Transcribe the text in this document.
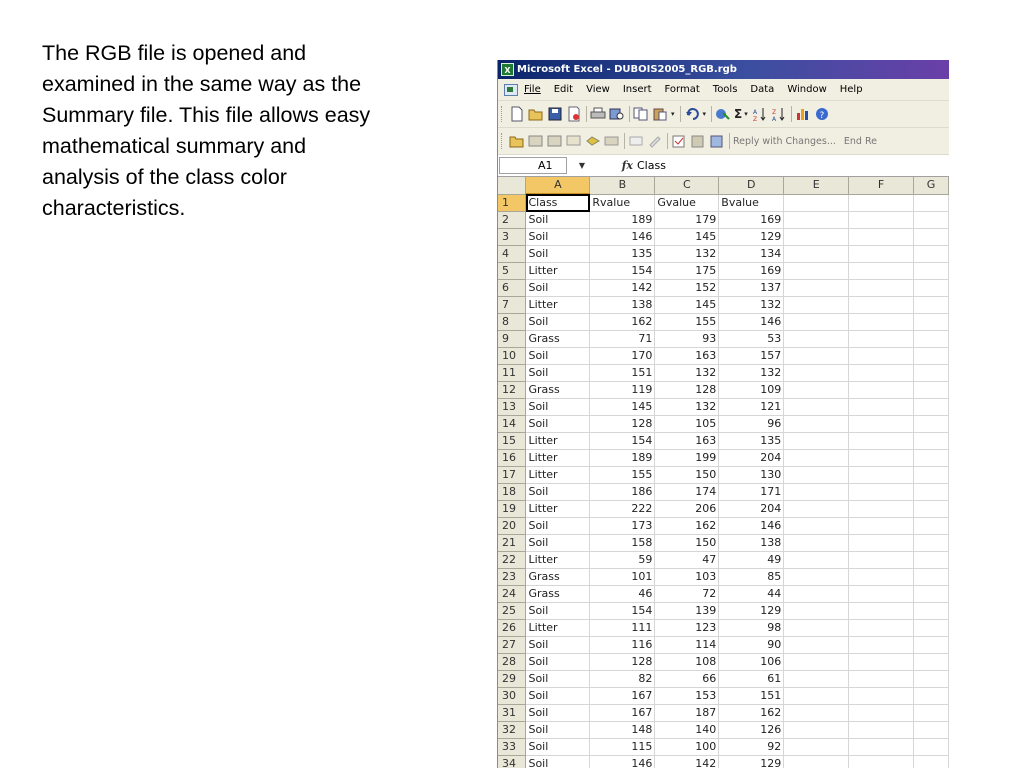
The RGB file is opened and
examined in the same way as the
Summary file. This file allows easy
mathematical summary and
analysis of the class color
characteristics.
X Microsoft Excel - DUBOIS2005_RGB.rgb
File Edit View Insert Format Tools Data Window Help
▾	▾ Σ ▾ A
Z
Z
A	?
Reply with Changes... End Re
A1	▼	fx Class
	A	B	C	D	E	F	G
1	Class	Rvalue	Gvalue	Bvalue			
2	Soil	189	179	169			
3	Soil	146	145	129			
4	Soil	135	132	134			
5	Litter	154	175	169			
6	Soil	142	152	137			
7	Litter	138	145	132			
8	Soil	162	155	146			
9	Grass	71	93	53			
10	Soil	170	163	157			
11	Soil	151	132	132			
12	Grass	119	128	109			
13	Soil	145	132	121			
14	Soil	128	105	96			
15	Litter	154	163	135			
16	Litter	189	199	204			
17	Litter	155	150	130			
18	Soil	186	174	171			
19	Litter	222	206	204			
20	Soil	173	162	146			
21	Soil	158	150	138			
22	Litter	59	47	49			
23	Grass	101	103	85			
24	Grass	46	72	44			
25	Soil	154	139	129			
26	Litter	111	123	98			
27	Soil	116	114	90			
28	Soil	128	108	106			
29	Soil	82	66	61			
30	Soil	167	153	151			
31	Soil	167	187	162			
32	Soil	148	140	126			
33	Soil	115	100	92			
34	Soil	146	142	129			
